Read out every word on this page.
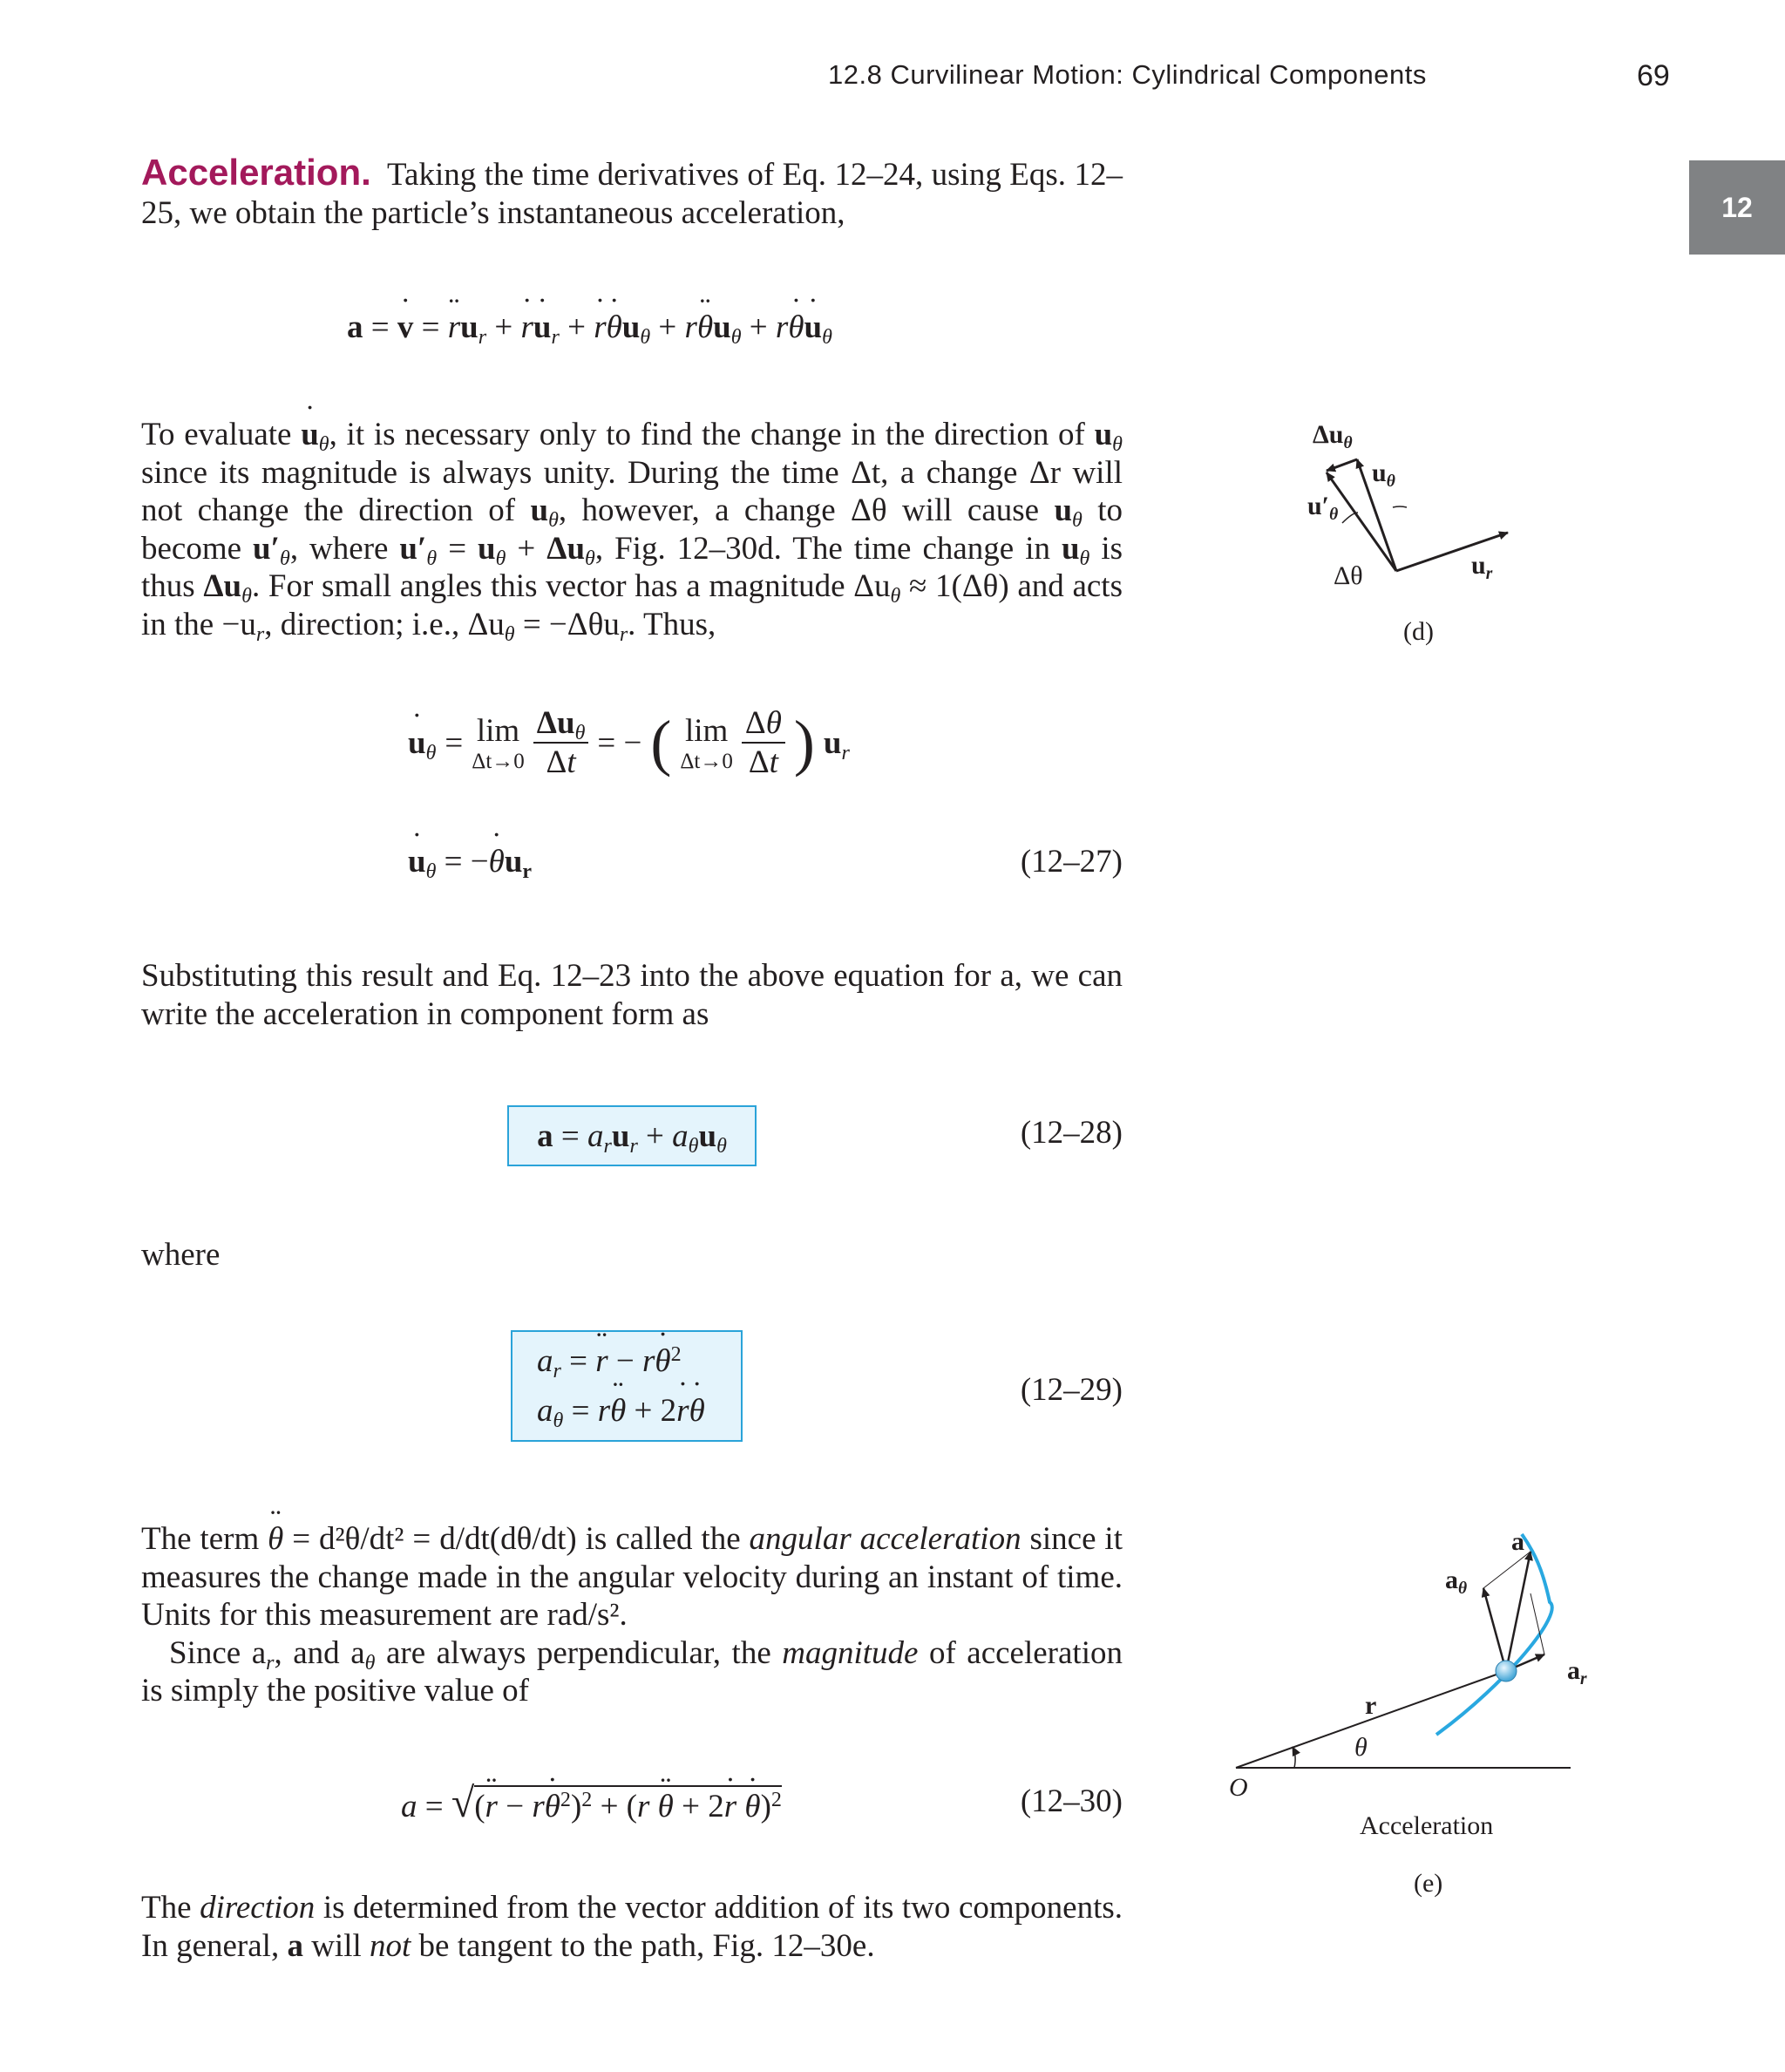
12.8 Curvilinear Motion: Cylindrical Components	69
12

Acceleration. Taking the time derivatives of Eq. 12–24, using Eqs. 12–25, we obtain the particle’s instantaneous acceleration,

a = ˙ v = ¨ $ru_r$ + ˙ r˙ $u_r$ + ˙ r˙ $\theta u_\theta$ + r¨ $\theta u_\theta$ + r˙ θ˙ $u_\theta$

To evaluate ˙ $u_\theta$, it is necessary only to find the change in the direction of $u_\theta$ since its magnitude is always unity. During the time Δt, a change Δr will not change the direction of $u_\theta$, however, a change Δθ will cause $u_\theta$ to become $u'_\theta$, where $u'_\theta = u_\theta + \Delta u_\theta$, Fig. 12–30d. The time change in $u_\theta$ is thus $\Delta u_\theta$. For small angles this vector has a magnitude $\Delta u_\theta \approx 1(\Delta\theta)$ and acts in the $-u_r$, direction; i.e., $\Delta u_\theta = -\Delta\theta u_r$. Thus,

˙ $u_\theta = \lim$
$\Delta t\to 0 \frac{\Delta u_\theta}{\Delta t}$ = − ( lim
$\Delta t\to 0 \frac{\Delta\theta}{\Delta t}$ ) $u_r$
˙ $u_\theta$ = −˙ $\theta u_r$	(12–27)

Substituting this result and Eq. 12–23 into the above equation for a, we can write the acceleration in component form as

$a = a_ru_r + a_\theta u_\theta$	(12–28)
where
$a_r$ = ¨ r − r˙ $\theta^2$
$a_\theta$ = r¨ θ + 2˙ r˙ θ
(12–29)

The term ¨ θ = d²θ/dt² = d/dt(dθ/dt) is called the angular acceleration since it measures the change made in the angular velocity during an instant of time. Units for this measurement are rad/s².

Since $a_r$, and $a_\theta$ are always perpendicular, the magnitude of acceleration is simply the positive value of

a = √(¨ r − r˙ $\theta^2)^2 + (r$ ¨ θ + 2˙ r ˙ θ)$^2$	(12–30)

The direction is determined from the vector addition of its two components. In general, a will not be tangent to the path, Fig. 12–30e.

$\Delta u_\theta$
$u_\theta$
$u'_\theta$
Δθ	$u_r$
(d)
a
$a_\theta$
$a_r$
r
θ
O
Acceleration
(e)
